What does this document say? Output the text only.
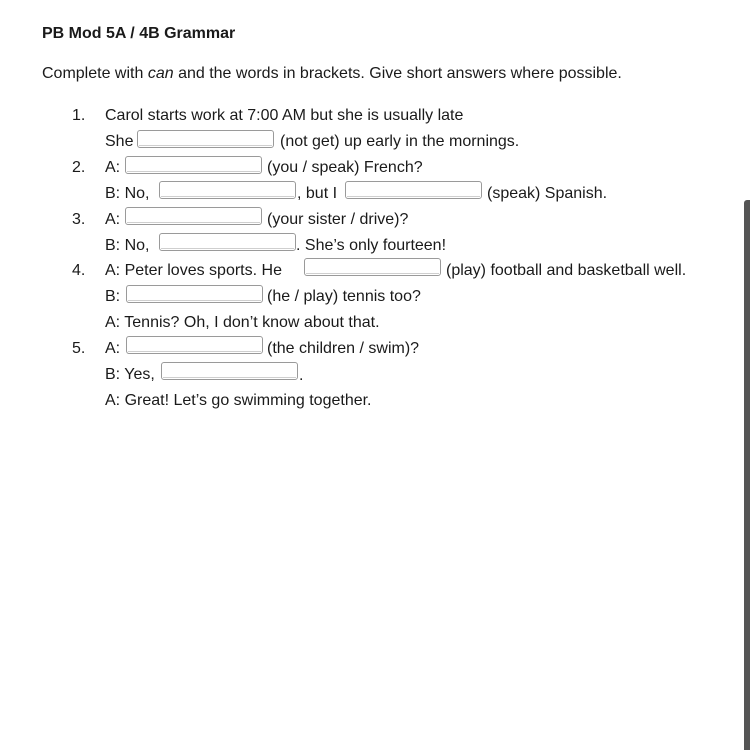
PB Mod 5A / 4B Grammar
Complete with can and the words in brackets. Give short answers where possible.
1. Carol starts work at 7:00 AM but she is usually late
She	(not get) up early in the mornings.
2. A:	(you / speak) French?
B: No,	, but I	(speak) Spanish.
3. A:	(your sister / drive)?
B: No,	. She’s only fourteen!
4. A: Peter loves sports. He	(play) football and basketball well.
B:	(he / play) tennis too?
A: Tennis? Oh, I don’t know about that.
5. A:	(the children / swim)?
B: Yes,	.
A: Great! Let’s go swimming together.
